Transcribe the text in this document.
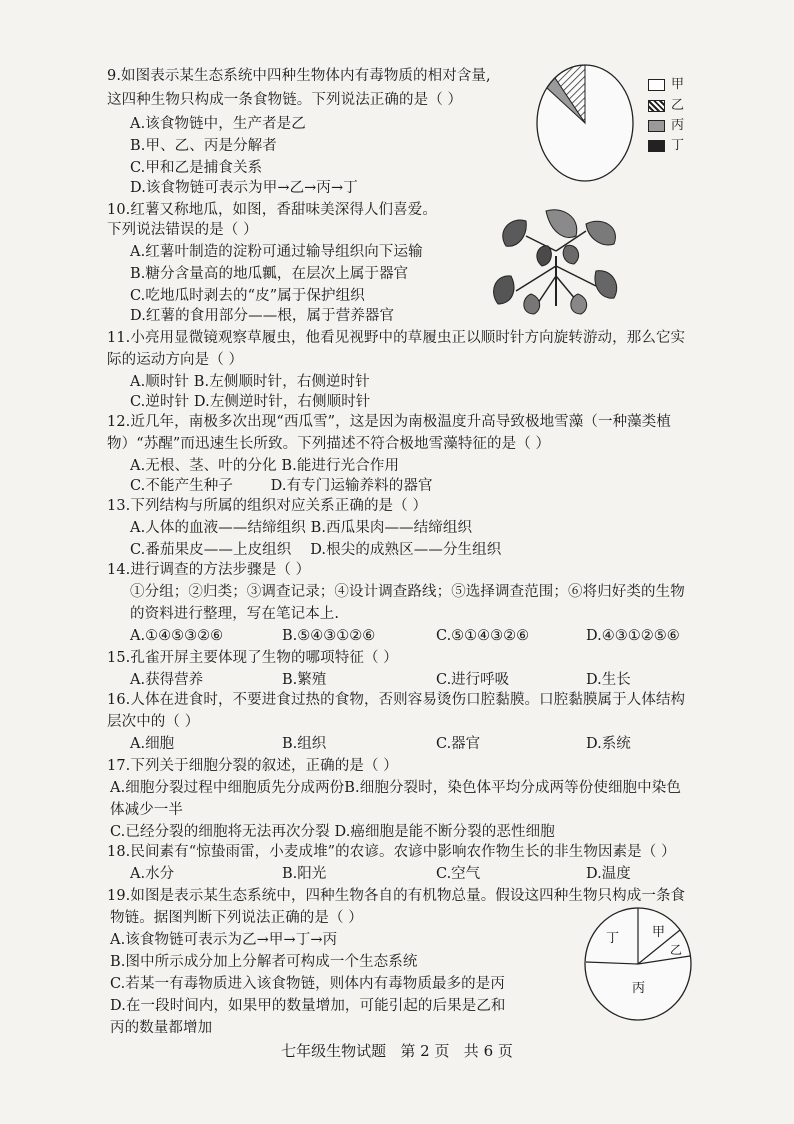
9.如图表示某生态系统中四种生物体内有毒物质的相对含量,
这四种生物只构成一条食物链。下列说法正确的是（ ）
A.该食物链中，生产者是乙
B.甲、乙、丙是分解者
C.甲和乙是捕食关系
D.该食物链可表示为甲→乙→丙→丁
甲
乙
丙
丁
10.红薯又称地瓜，如图，香甜味美深得人们喜爱。
下列说法错误的是（ ）
A.红薯叶制造的淀粉可通过输导组织向下运输
B.糖分含量高的地瓜瓤，在层次上属于器官
C.吃地瓜时剥去的“皮”属于保护组织
D.红薯的食用部分——根，属于营养器官
11.小亮用显微镜观察草履虫，他看见视野中的草履虫正以顺时针方向旋转游动，那么它实
际的运动方向是（ ）
A.顺时针 B.左侧顺时针，右侧逆时针
C.逆时针 D.左侧逆时针，右侧顺时针
12.近几年，南极多次出现“西瓜雪”，这是因为南极温度升高导致极地雪藻（一种藻类植
物）“苏醒”而迅速生长所致。下列描述不符合极地雪藻特征的是（ ）
A.无根、茎、叶的分化 B.能进行光合作用
C.不能产生种子        D.有专门运输养料的器官
13.下列结构与所属的组织对应关系正确的是（ ）
A.人体的血液——结缔组织 B.西瓜果肉——结缔组织
C.番茄果皮——上皮组织    D.根尖的成熟区——分生组织
14.进行调查的方法步骤是（ ）
①分组；②归类；③调查记录；④设计调查路线；⑤选择调查范围；⑥将归好类的生物
的资料进行整理，写在笔记本上.
A.①④⑤③②⑥	B.⑤④③①②⑥	C.⑤①④③②⑥	D.④③①②⑤⑥
15.孔雀开屏主要体现了生物的哪项特征（ ）
A.获得营养	B.繁殖	C.进行呼吸	D.生长
16.人体在进食时，不要进食过热的食物，否则容易烫伤口腔黏膜。口腔黏膜属于人体结构
层次中的（ ）
A.细胞	B.组织	C.器官	D.系统
17.下列关于细胞分裂的叙述，正确的是（ ）
A.细胞分裂过程中细胞质先分成两份B.细胞分裂时，染色体平均分成两等份使细胞中染色
体减少一半
C.已经分裂的细胞将无法再次分裂 D.癌细胞是能不断分裂的恶性细胞
18.民间素有“惊蛰雨雷，小麦成堆”的农谚。农谚中影响农作物生长的非生物因素是（ ）
A.水分	B.阳光	C.空气	D.温度
19.如图是表示某生态系统中，四种生物各自的有机物总量。假设这四种生物只构成一条食
物链。据图判断下列说法正确的是（ ）
A.该食物链可表示为乙→甲→丁→丙
B.图中所示成分加上分解者可构成一个生态系统
C.若某一有毒物质进入该食物链，则体内有毒物质最多的是丙
D.在一段时间内，如果甲的数量增加，可能引起的后果是乙和
丙的数量都增加
丁	甲
乙
丙
七年级生物试题   第 2 页   共 6 页
